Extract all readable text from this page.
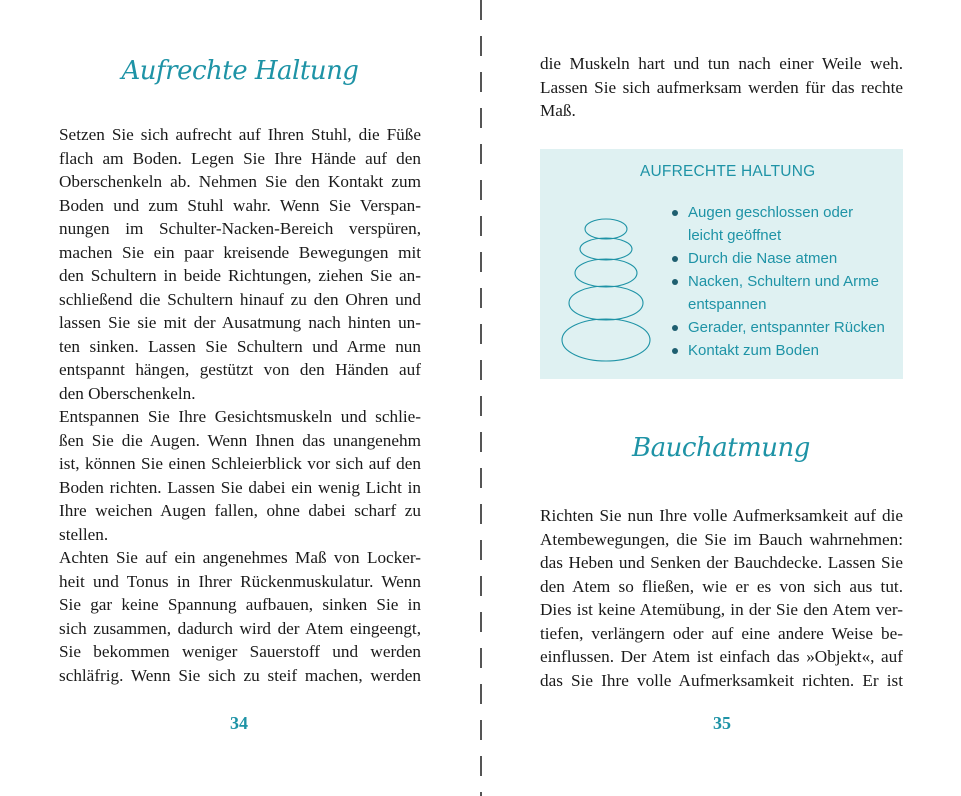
Aufrechte Haltung

Setzen Sie sich aufrecht auf Ihren Stuhl, die Füße

flach am Boden. Legen Sie Ihre Hände auf den

Oberschenkeln ab. Nehmen Sie den Kontakt zum

Boden und zum Stuhl wahr. Wenn Sie Verspan-

nungen im Schulter-Nacken-Bereich verspüren,

machen Sie ein paar kreisende Bewegungen mit

den Schultern in beide Richtungen, ziehen Sie an-

schließend die Schultern hinauf zu den Ohren und

lassen Sie sie mit der Ausatmung nach hinten un-

ten sinken. Lassen Sie Schultern und Arme nun

entspannt hängen, gestützt von den Händen auf

den Oberschenkeln.

Entspannen Sie Ihre Gesichtsmuskeln und schlie-

ßen Sie die Augen. Wenn Ihnen das unangenehm

ist, können Sie einen Schleierblick vor sich auf den

Boden richten. Lassen Sie dabei ein wenig Licht in

Ihre weichen Augen fallen, ohne dabei scharf zu

stellen.

Achten Sie auf ein angenehmes Maß von Locker-

heit und Tonus in Ihrer Rückenmuskulatur. Wenn

Sie gar keine Spannung aufbauen, sinken Sie in

sich zusammen, dadurch wird der Atem eingeengt,

Sie bekommen weniger Sauerstoff und werden

schläfrig. Wenn Sie sich zu steif machen, werden

34

die Muskeln hart und tun nach einer Weile weh.

Lassen Sie sich aufmerksam werden für das rechte

Maß.

AUFRECHTE HALTUNG
Augen geschlossen oder leicht geöffnet
Durch die Nase atmen
Nacken, Schultern und Arme entspannen
Gerader, entspannter Rücken
Kontakt zum Boden
Bauchatmung

Richten Sie nun Ihre volle Aufmerksamkeit auf die

Atembewegungen, die Sie im Bauch wahrnehmen:

das Heben und Senken der Bauchdecke. Lassen Sie

den Atem so fließen, wie er es von sich aus tut.

Dies ist keine Atemübung, in der Sie den Atem ver-

tiefen, verlängern oder auf eine andere Weise be-

einflussen. Der Atem ist einfach das »Objekt«, auf

das Sie Ihre volle Aufmerksamkeit richten. Er ist

35
